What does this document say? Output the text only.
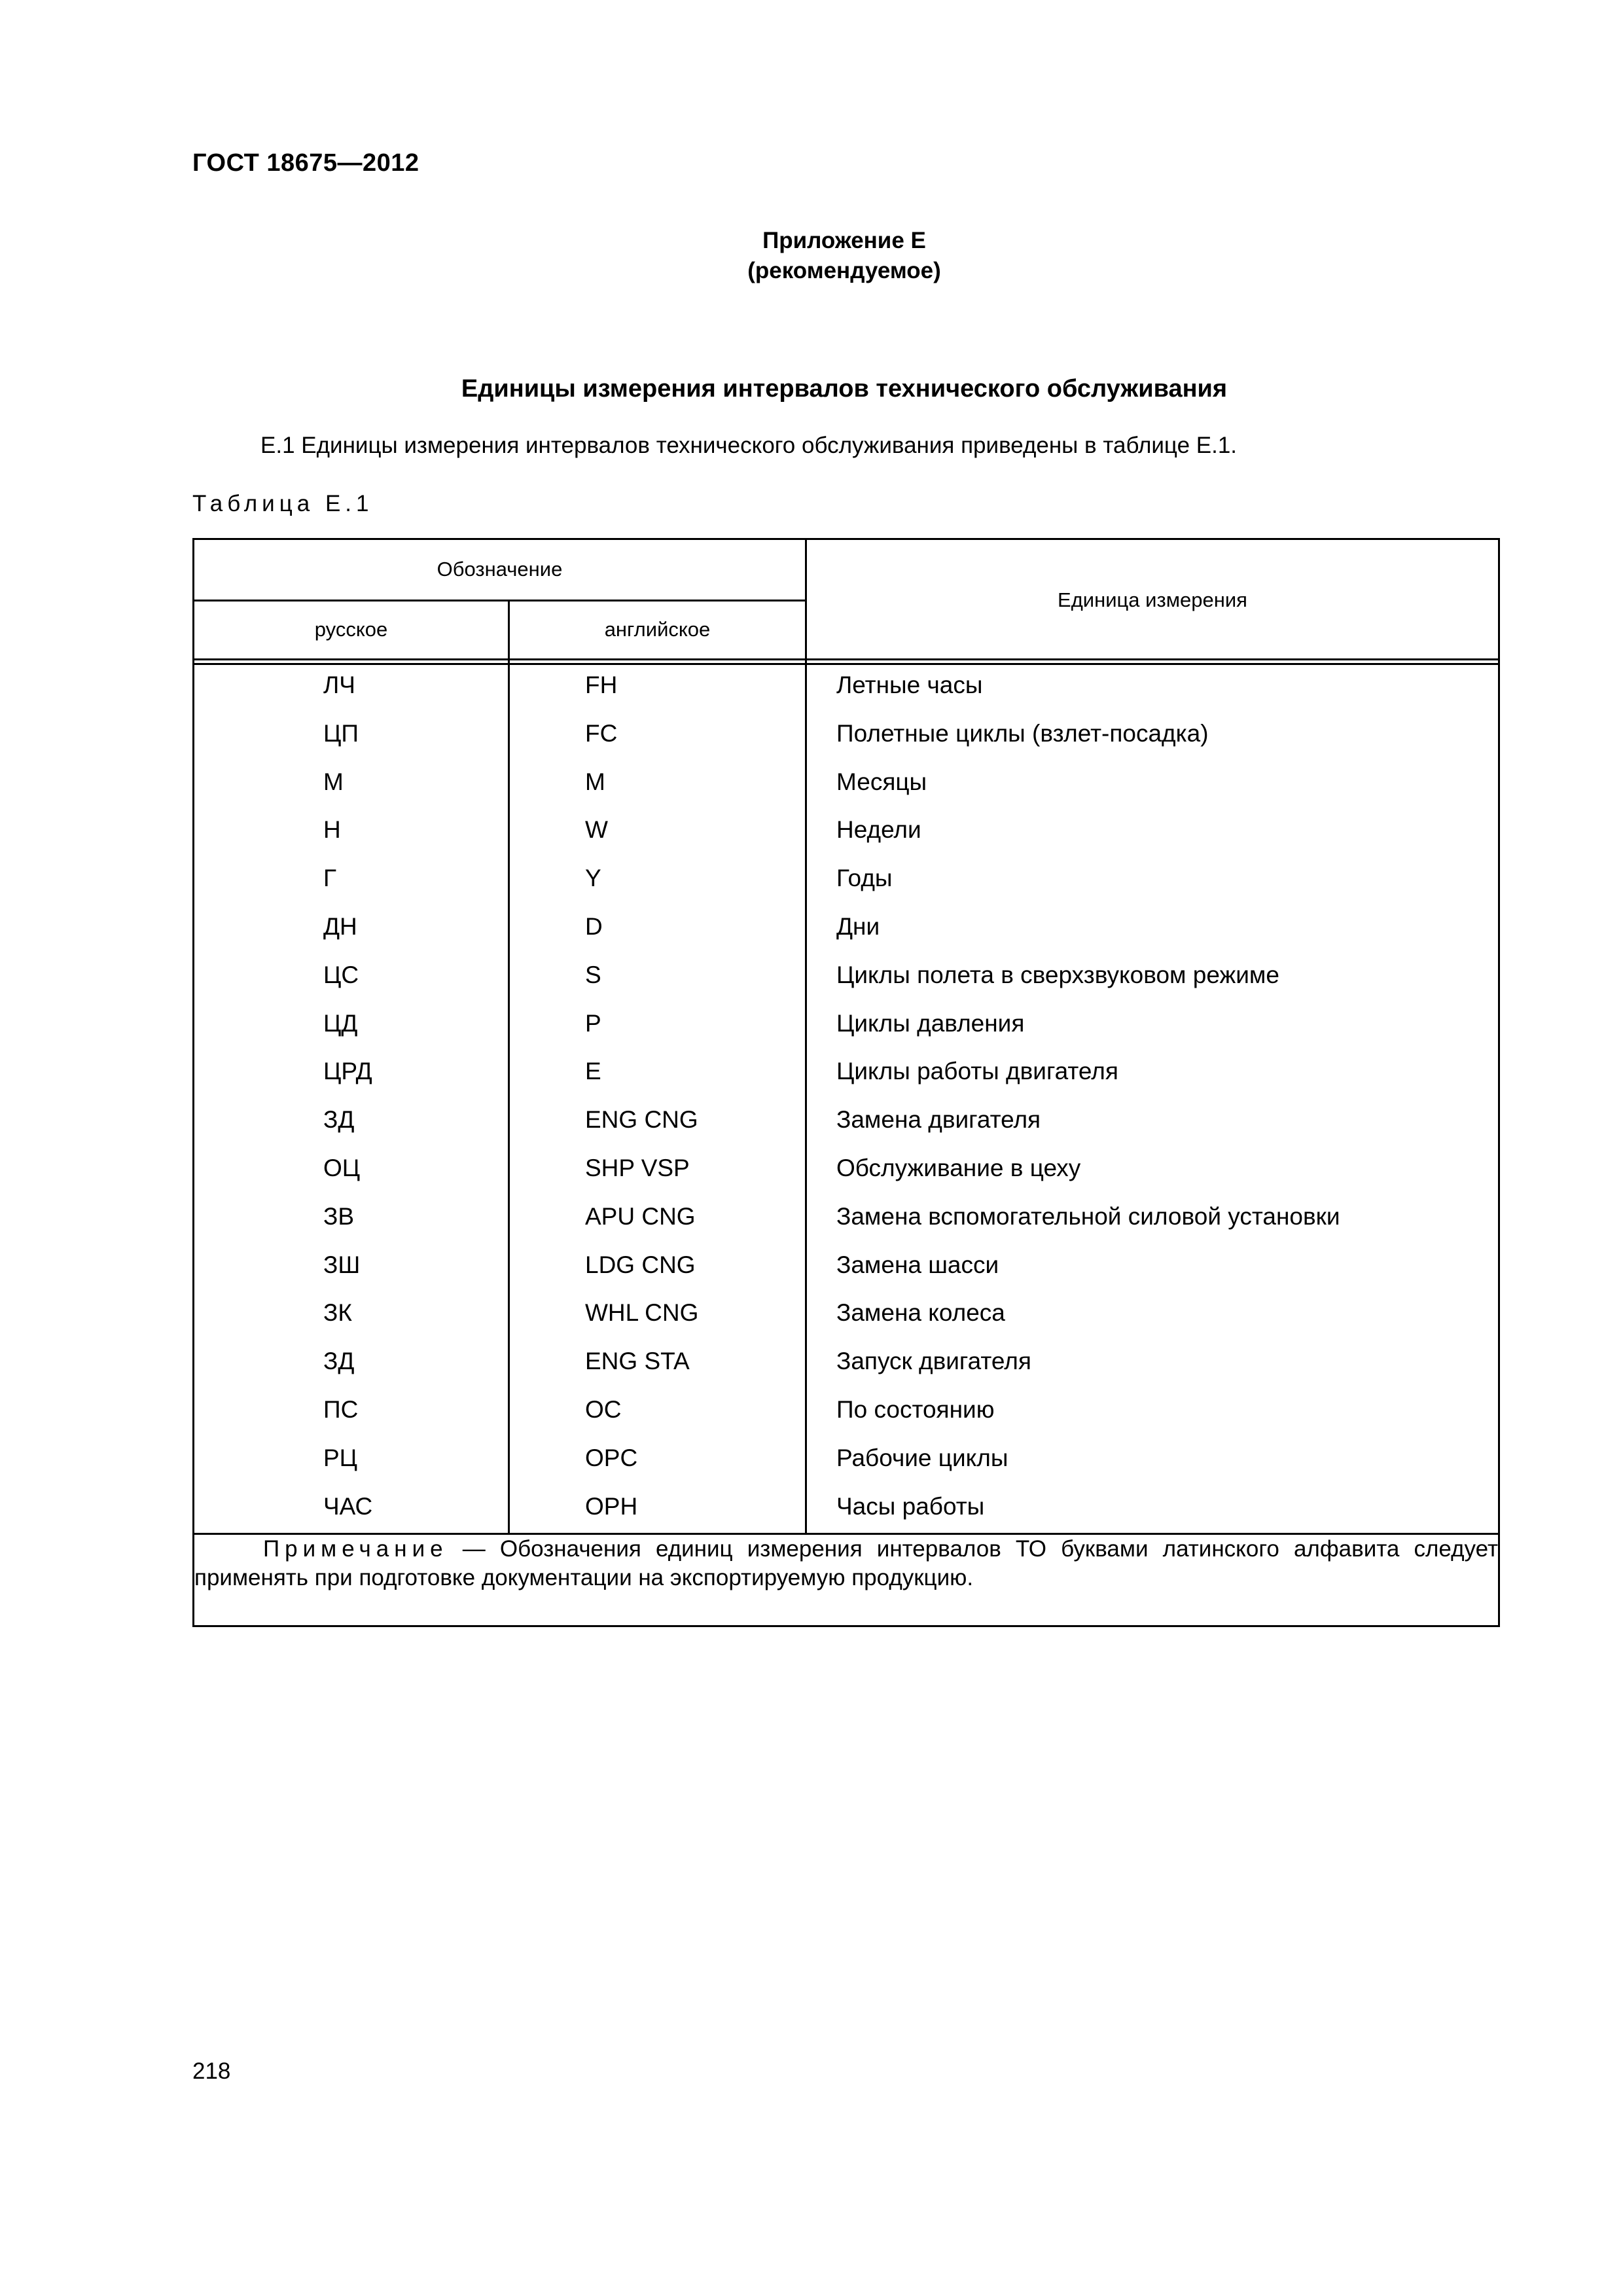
ГОСТ 18675—2012
Приложение Е
(рекомендуемое)
Единицы измерения интервалов технического обслуживания
Е.1 Единицы измерения интервалов технического обслуживания приведены в таблице Е.1.
Таблица Е.1
Обозначение
русское	английское
Единица измерения
ЛЧ	FH	Летные часы
ЦП	FC	Полетные циклы (взлет-посадка)
М	M	Месяцы
Н	W	Недели
Г	Y	Годы
ДН	D	Дни
ЦС	S	Циклы полета в сверхзвуковом режиме
ЦД	P	Циклы давления
ЦРД	E	Циклы работы двигателя
ЗД	ENG CNG	Замена двигателя
ОЦ	SHP VSP	Обслуживание в цеху
ЗВ	APU CNG	Замена вспомогательной силовой установки
ЗШ	LDG CNG	Замена шасси
ЗК	WHL CNG	Замена колеса
ЗД	ENG STA	Запуск двигателя
ПС	OC	По состоянию
РЦ	OPC	Рабочие циклы
ЧАС	OPH	Часы работы
Примечание — Обозначения единиц измерения интервалов ТО буквами латинского алфавита следует
применять при подготовке документации на экспортируемую продукцию.
218
